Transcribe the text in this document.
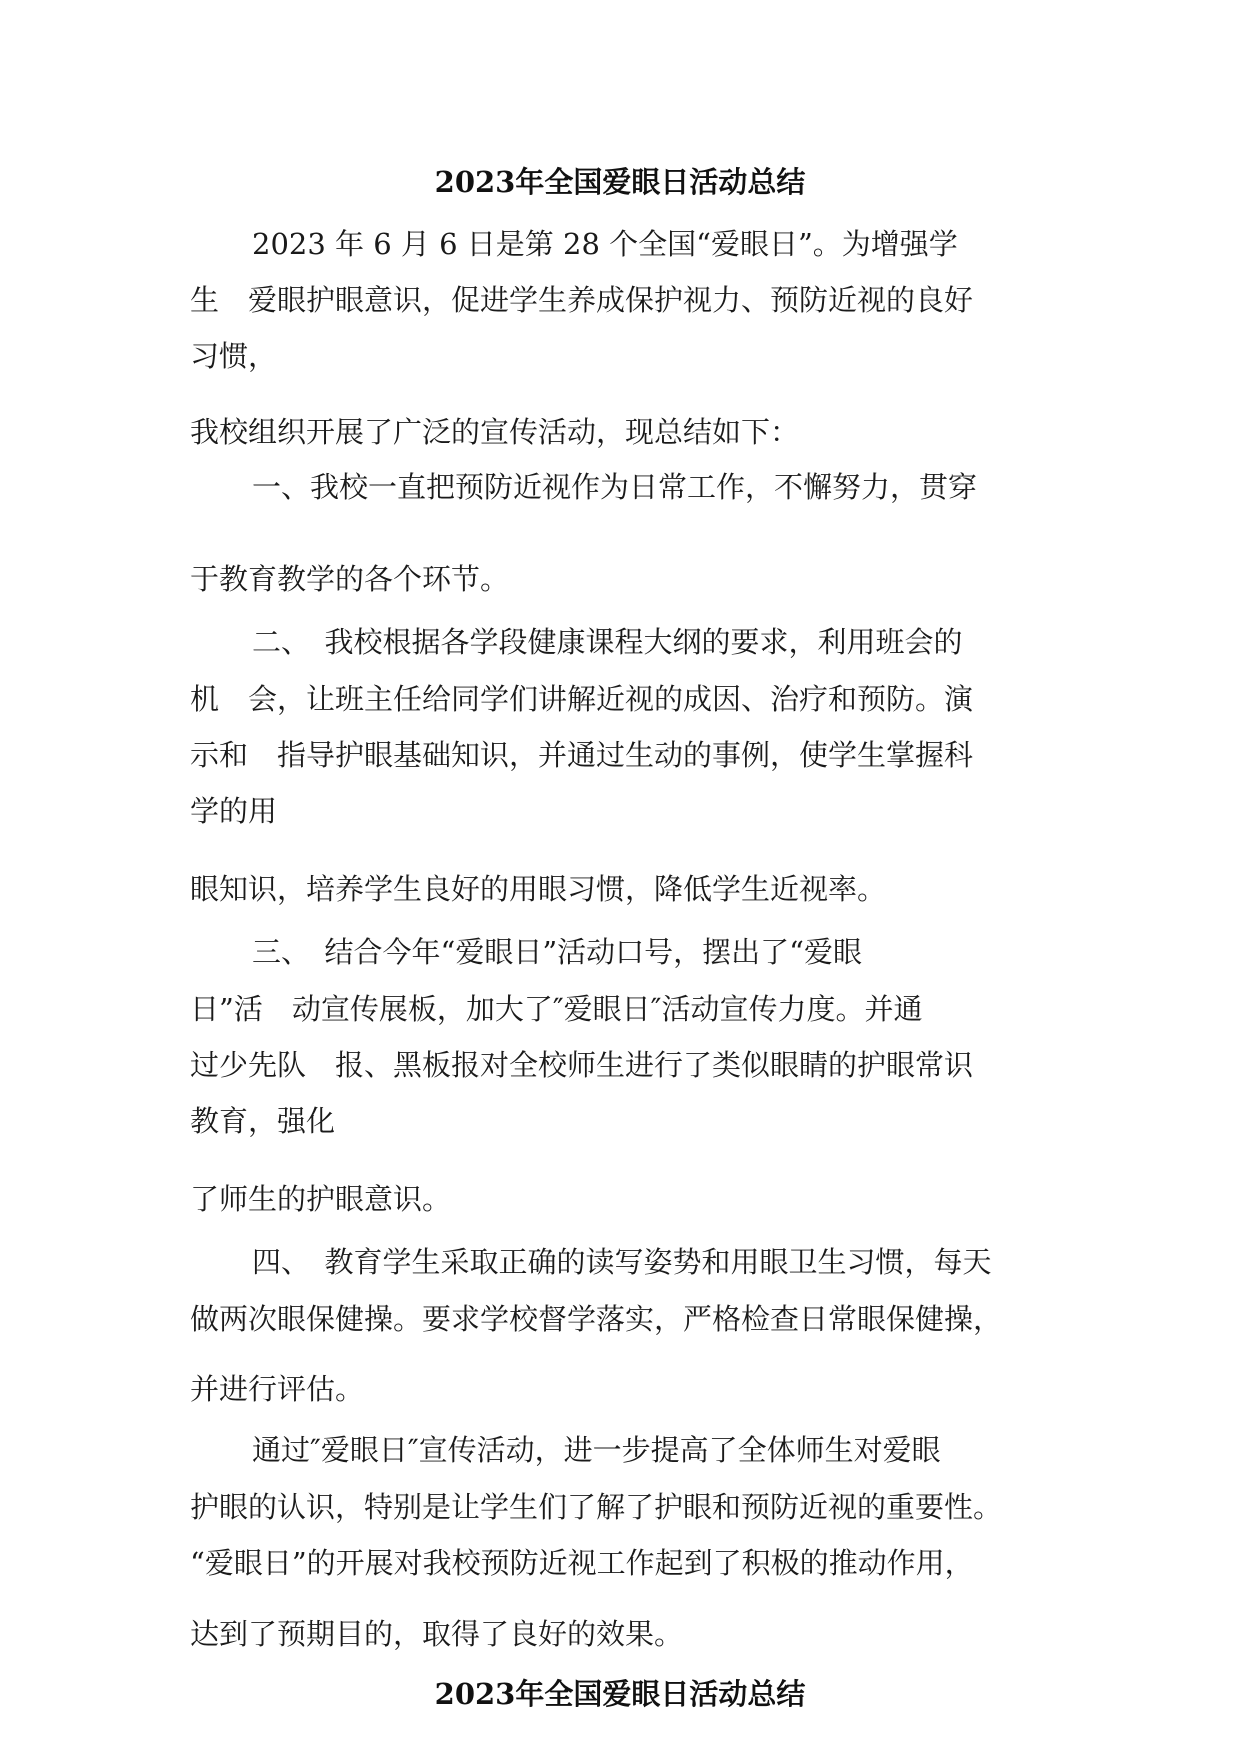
2023年全国爱眼日活动总结
2023 年 6 月 6 日是第 28 个全国“爱眼日”。为增强学
生　爱眼护眼意识，促进学生养成保护视力、预防近视的良好
习惯，
我校组织开展了广泛的宣传活动，现总结如下：
一、我校一直把预防近视作为日常工作，不懈努力，贯穿
于教育教学的各个环节。
二、　我校根据各学段健康课程大纲的要求，利用班会的
机　会，让班主任给同学们讲解近视的成因、治疗和预防。演
示和　指导护眼基础知识，并通过生动的事例，使学生掌握科
学的用
眼知识，培养学生良好的用眼习惯，降低学生近视率。
三、　结合今年“爱眼日”活动口号，摆出了“爱眼
日”活　动宣传展板，加大了″爱眼日″活动宣传力度。并通
过少先队　报、黑板报对全校师生进行了类似眼睛的护眼常识
教育，强化
了师生的护眼意识。
四、　教育学生采取正确的读写姿势和用眼卫生习惯，每天
做两次眼保健操。要求学校督学落实，严格检查日常眼保健操，
并进行评估。
通过″爱眼日″宣传活动，进一步提高了全体师生对爱眼
护眼的认识，特别是让学生们了解了护眼和预防近视的重要性。
“爱眼日”的开展对我校预防近视工作起到了积极的推动作用，
达到了预期目的，取得了良好的效果。
2023年全国爱眼日活动总结
